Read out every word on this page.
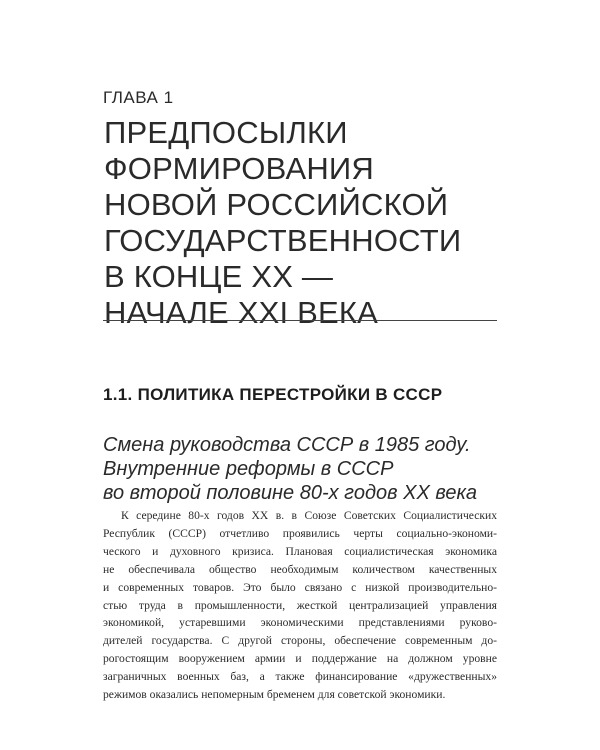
ГЛАВА 1
ПРЕДПОСЫЛКИ
ФОРМИРОВАНИЯ
НОВОЙ РОССИЙСКОЙ
ГОСУДАРСТВЕННОСТИ
В КОНЦЕ XX —
НАЧАЛЕ XXI ВЕКА
1.1. ПОЛИТИКА ПЕРЕСТРОЙКИ В СССР
Смена руководства СССР в 1985 году.
Внутренние реформы в СССР
во второй половине 80-х годов XX века
К середине 80-х годов XX в. в Союзе Советских Социалистических
Республик (СССР) отчетливо проявились черты социально-экономи-
ческого и духовного кризиса. Плановая социалистическая экономика
не обеспечивала общество необходимым количеством качественных
и современных товаров. Это было связано с низкой производительно-
стью труда в промышленности, жесткой централизацией управления
экономикой, устаревшими экономическими представлениями руково-
дителей государства. С другой стороны, обеспечение современным до-
рогостоящим вооружением армии и поддержание на должном уровне
заграничных военных баз, а также финансирование «дружественных»
режимов оказались непомерным бременем для советской экономики.
